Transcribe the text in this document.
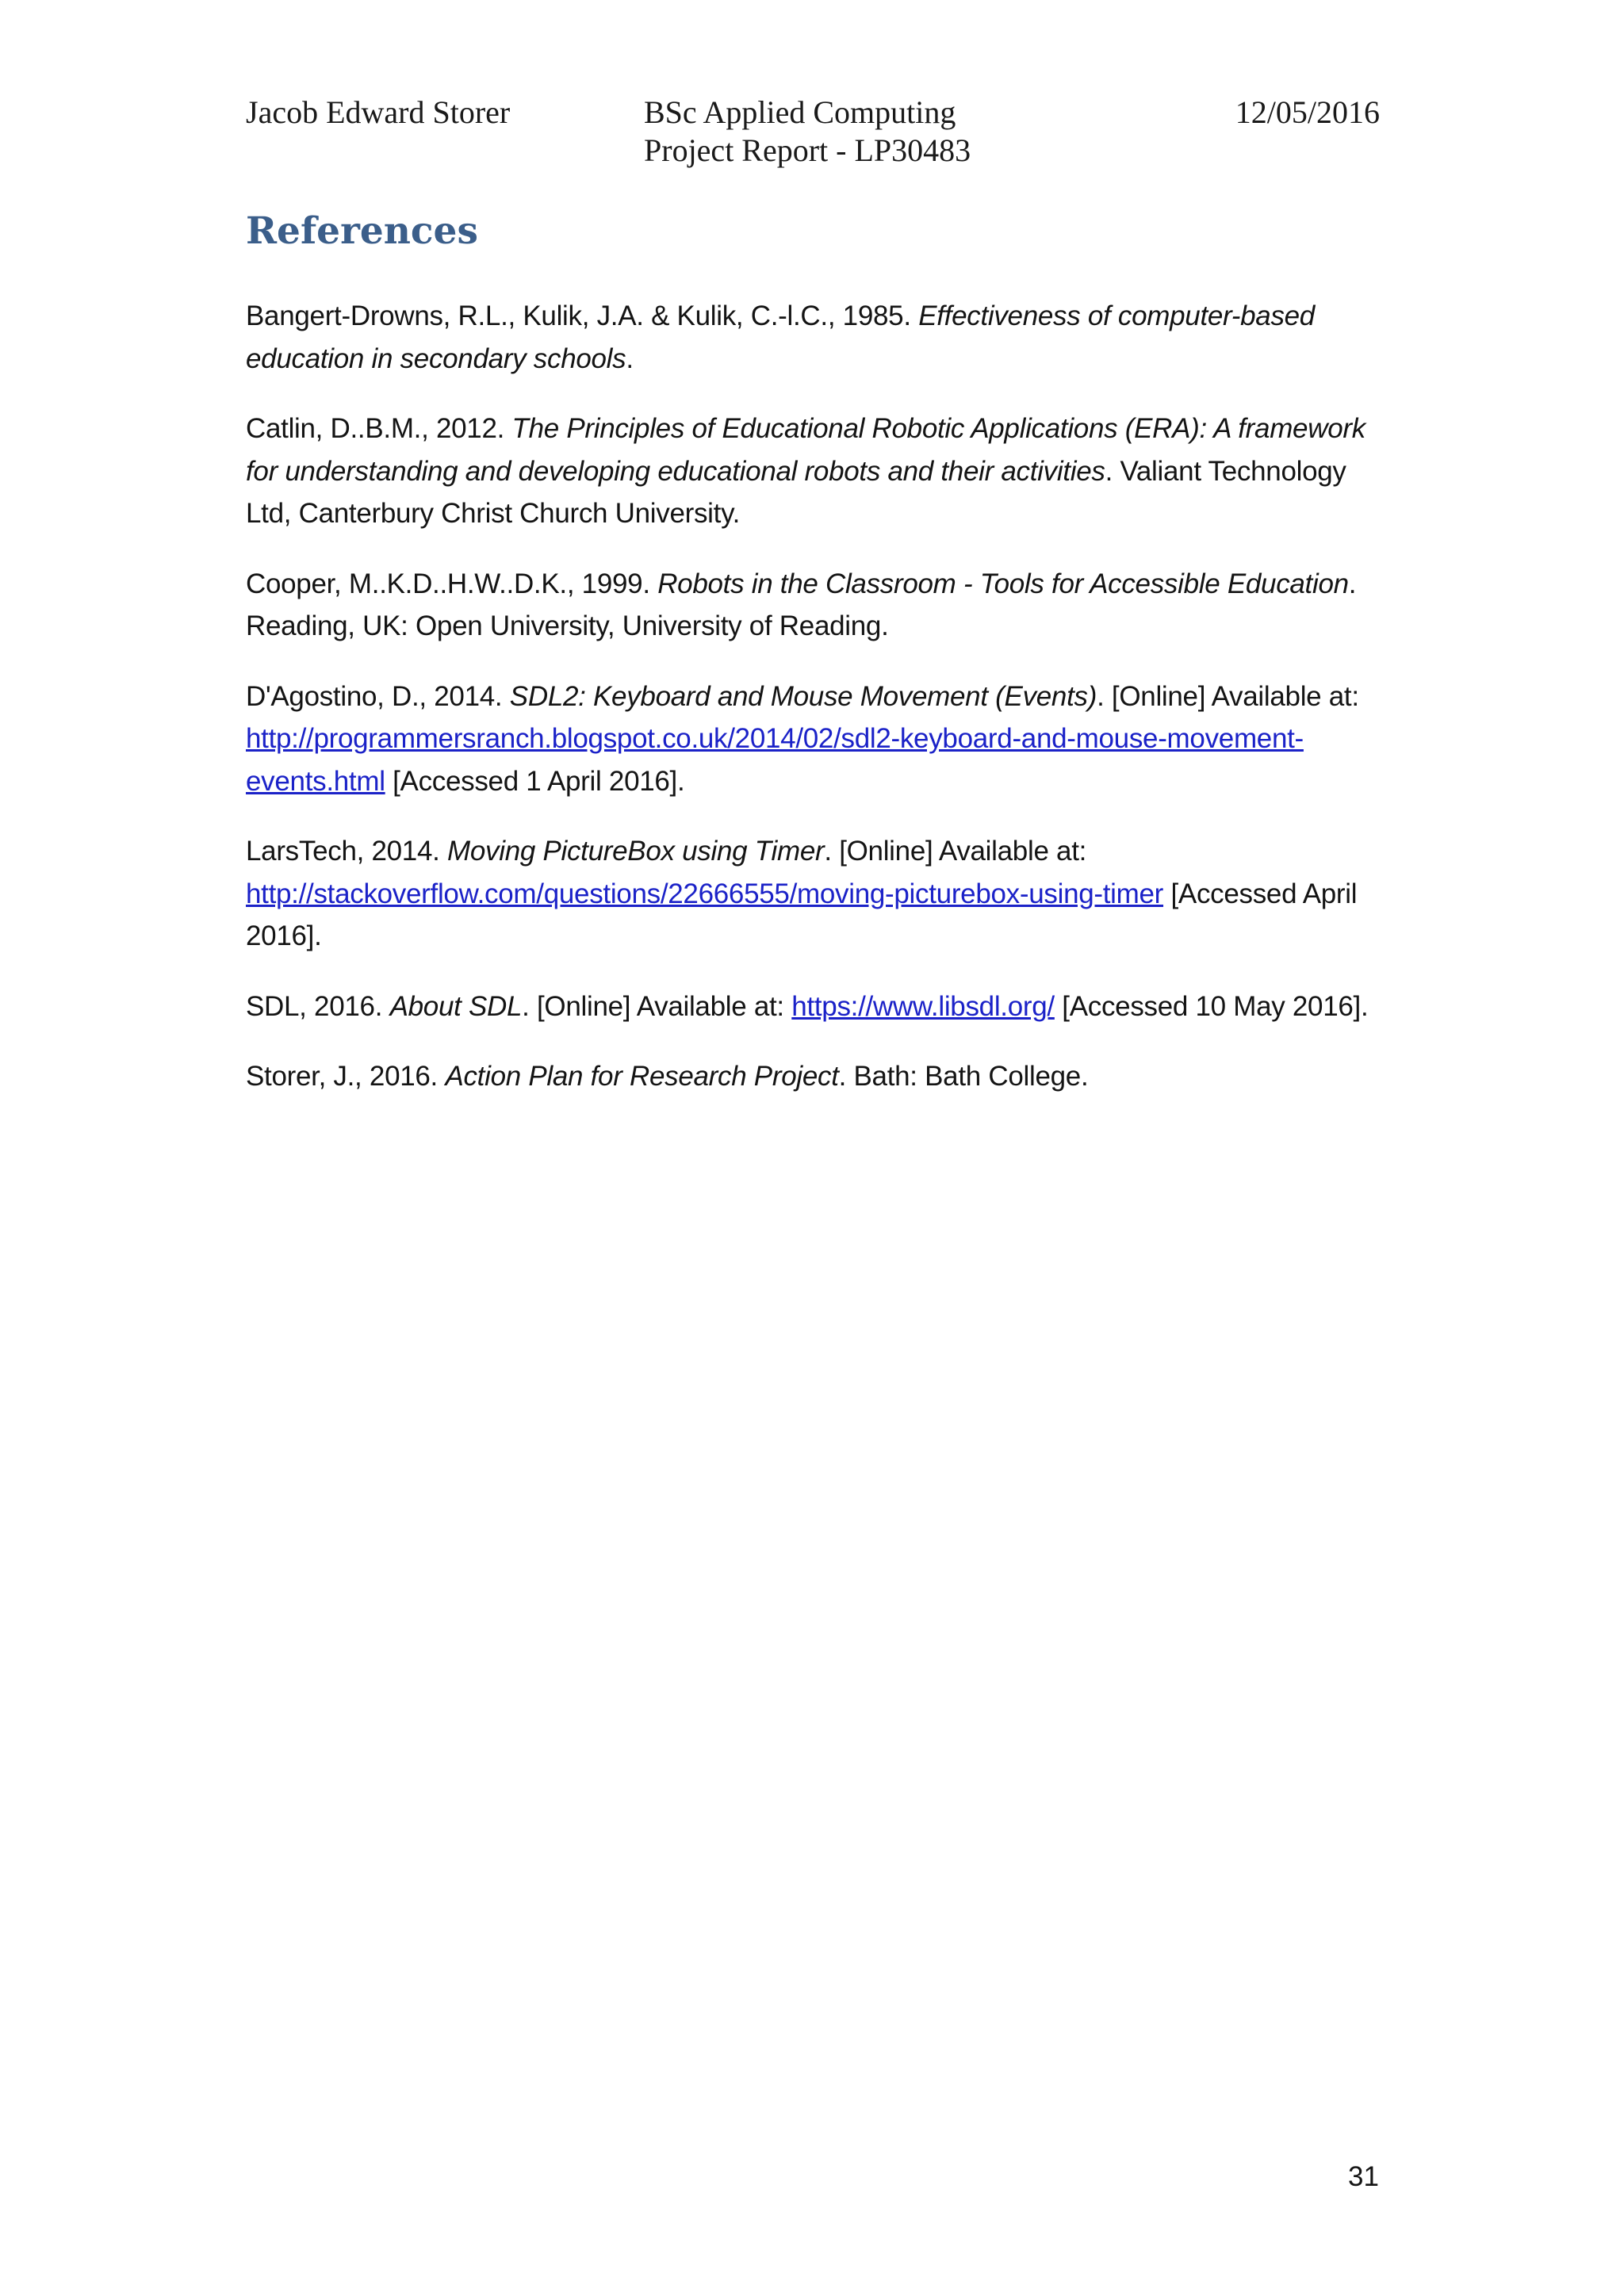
Jacob Edward Storer	BSc Applied Computing
Project Report - LP30483
12/05/2016
References

Bangert-Drowns, R.L., Kulik, J.A. & Kulik, C.-l.C., 1985. Effectiveness of computer-based education in secondary schools.

Catlin, D..B.M., 2012. The Principles of Educational Robotic Applications (ERA): A framework for understanding and developing educational robots and their activities. Valiant Technology Ltd, Canterbury Christ Church University.

Cooper, M..K.D..H.W..D.K., 1999. Robots in the Classroom - Tools for Accessible Education. Reading, UK: Open University, University of Reading.

D'Agostino, D., 2014. SDL2: Keyboard and Mouse Movement (Events). [Online] Available at: http://programmersranch.blogspot.co.uk/2014/02/sdl2-keyboard-and-mouse-movement-events.html [Accessed 1 April 2016].

LarsTech, 2014. Moving PictureBox using Timer. [Online] Available at: http://stackoverflow.com/questions/22666555/moving-picturebox-using-timer [Accessed April 2016].

SDL, 2016. About SDL. [Online] Available at: https://www.libsdl.org/ [Accessed 10 May 2016].

Storer, J., 2016. Action Plan for Research Project. Bath: Bath College.

31
